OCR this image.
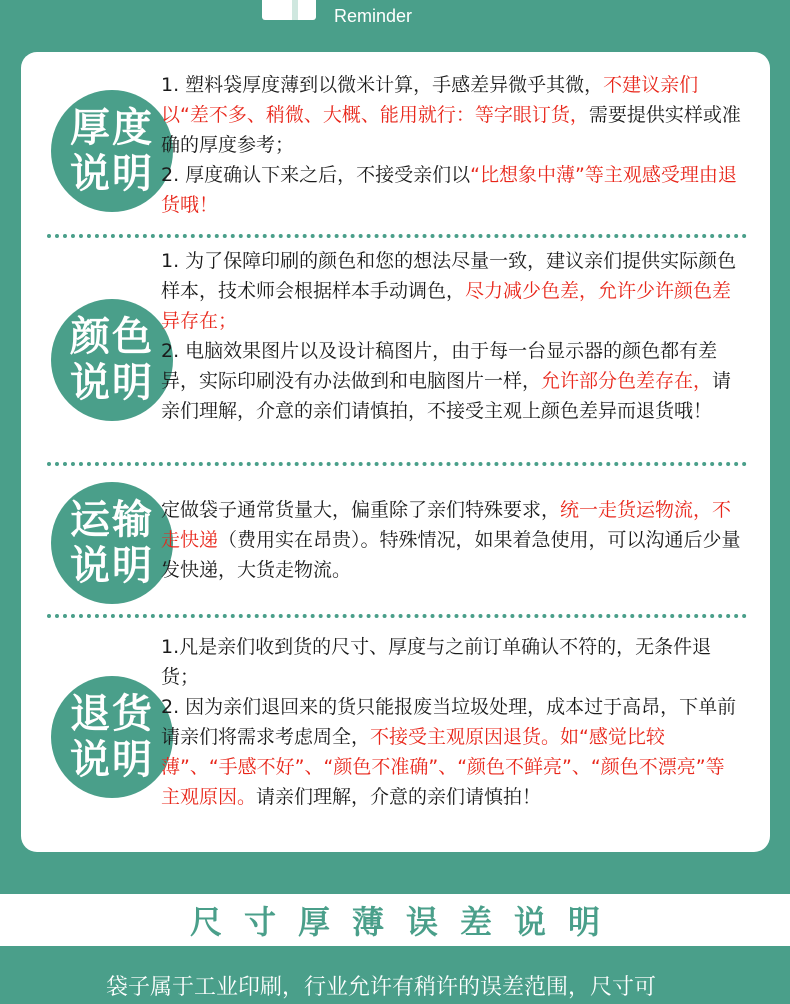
Reminder
厚度
说明
1. 塑料袋厚度薄到以微米计算，手感差异微乎其微，不建议亲们以“差不多、稍微、大概、能用就行：等字眼订货，需要提供实样或准确的厚度参考；
2. 厚度确认下来之后，不接受亲们以“比想象中薄”等主观感受理由退货哦！
颜色
说明
1. 为了保障印刷的颜色和您的想法尽量一致，建议亲们提供实际颜色样本，技术师会根据样本手动调色，尽力减少色差，允许少许颜色差异存在；
2. 电脑效果图片以及设计稿图片，由于每一台显示器的颜色都有差异，实际印刷没有办法做到和电脑图片一样，允许部分色差存在，请亲们理解，介意的亲们请慎拍，不接受主观上颜色差异而退货哦！
运输
说明
定做袋子通常货量大，偏重除了亲们特殊要求，统一走货运物流，不走快递（费用实在昂贵）。特殊情况，如果着急使用，可以沟通后少量发快递，大货走物流。
退货
说明
1.凡是亲们收到货的尺寸、厚度与之前订单确认不符的，无条件退货；
2. 因为亲们退回来的货只能报废当垃圾处理，成本过于高昂，下单前请亲们将需求考虑周全，不接受主观原因退货。如“感觉比较薄”、“手感不好”、“颜色不准确”、“颜色不鲜亮”、“颜色不漂亮”等主观原因。请亲们理解，介意的亲们请慎拍！
尺寸厚薄误差说明
袋子属于工业印刷，行业允许有稍许的误差范围，尺寸可
